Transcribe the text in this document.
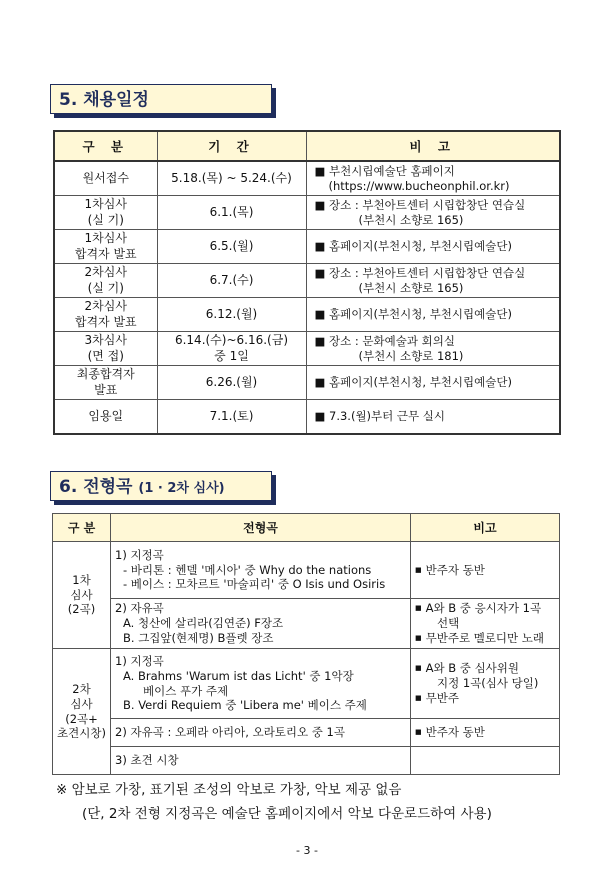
5. 채용일정
구 분	기 간	비 고

원서접수	5.18.(목) ~ 5.24.(수)	■ 부천시립예술단 홈페이지
(https://www.bucheonphil.or.kr)

1차심사
(실 기)	6.1.(목)	■ 장소 : 부천아트센터 시립합창단 연습실
(부천시 소향로 165)

1차심사
합격자 발표	6.5.(월)	■ 홈페이지(부천시청, 부천시립예술단)

2차심사
(실 기)	6.7.(수)	■ 장소 : 부천아트센터 시립합창단 연습실
(부천시 소향로 165)

2차심사
합격자 발표	6.12.(월)	■ 홈페이지(부천시청, 부천시립예술단)

3차심사
(면 접)	6.14.(수)~6.16.(금)
중 1일	■ 장소 : 문화예술과 회의실
(부천시 소향로 181)

최종합격자
발표	6.26.(월)	■ 홈페이지(부천시청, 부천시립예술단)

임용일	7.1.(토)	■ 7.3.(월)부터 근무 실시
6. 전형곡 (1 · 2차 심사)
구 분	전형곡	비고

1차
심사
(2곡)	1) 지정곡
- 바리톤 : 헨델 '메시아' 중 Why do the nations
- 베이스 : 모차르트 '마술피리' 중 O Isis und Osiris	■ 반주자 동반

	2) 자유곡
A. 청산에 살리라(김연준) F장조
B. 그집앞(현제명) B플렛 장조	■ A와 B 중 응시자가 1곡
선택
■ 무반주로 멜로디만 노래

2차
심사
(2곡+
초견시창)	1) 지정곡
A. Brahms 'Warum ist das Licht' 중 1악장
베이스 푸가 주제
B. Verdi Requiem 중 'Libera me' 베이스 주제	■ A와 B 중 심사위원
지정 1곡(심사 당일)
■ 무반주

	2) 자유곡 : 오페라 아리아, 오라토리오 중 1곡	■ 반주자 동반

	3) 초견 시창	

※ 암보로 가창, 표기된 조성의 악보로 가창, 악보 제공 없음
(단, 2차 전형 지정곡은 예술단 홈페이지에서 악보 다운로드하여 사용)
- 3 -
